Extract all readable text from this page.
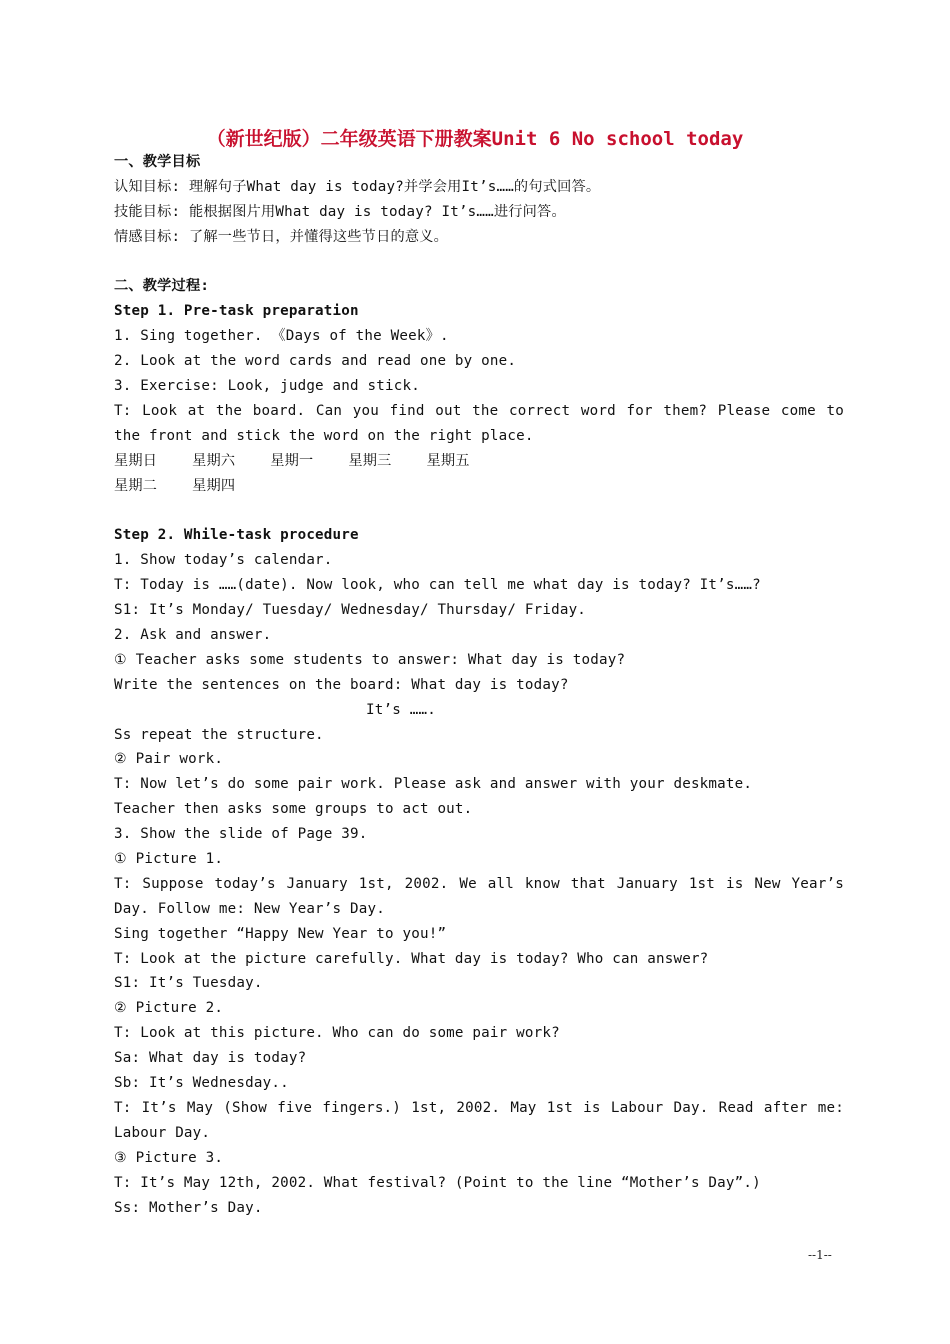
（新世纪版）二年级英语下册教案Unit 6 No school today
一、教学目标
认知目标: 理解句子What day is today?并学会用It’s……的句式回答。
技能目标: 能根据图片用What day is today? It’s……进行问答。
情感目标: 了解一些节日，并懂得这些节日的意义。
二、教学过程:
Step 1. Pre-task preparation
1. Sing together. 《Days of the Week》.
2. Look at the word cards and read one by one.
3. Exercise: Look, judge and stick.
T: Look at the board. Can you find out the correct word for them? Please come to the front and stick the word on the right place.
星期日    星期六    星期一    星期三    星期五
星期二    星期四
Step 2. While-task procedure
1. Show today’s calendar.
T: Today is ……(date). Now look, who can tell me what day is today? It’s……?
S1: It’s Monday/ Tuesday/ Wednesday/ Thursday/ Friday.
2. Ask and answer.
① Teacher asks some students to answer: What day is today?
Write the sentences on the board: What day is today?
It’s …….
Ss repeat the structure.
② Pair work.
T: Now let’s do some pair work. Please ask and answer with your deskmate.
Teacher then asks some groups to act out.
3. Show the slide of Page 39.
① Picture 1.
T: Suppose today’s January 1st, 2002. We all know that January 1st is New Year’s Day. Follow me: New Year’s Day.
Sing together “Happy New Year to you!”
T: Look at the picture carefully. What day is today? Who can answer?
S1: It’s Tuesday.
② Picture 2.
T: Look at this picture. Who can do some pair work?
Sa: What day is today?
Sb: It’s Wednesday..
T: It’s May (Show five fingers.) 1st, 2002. May 1st is Labour Day. Read after me: Labour Day.
③ Picture 3.
T: It’s May 12th, 2002. What festival? (Point to the line “Mother’s Day”.)
Ss: Mother’s Day.
--1--
